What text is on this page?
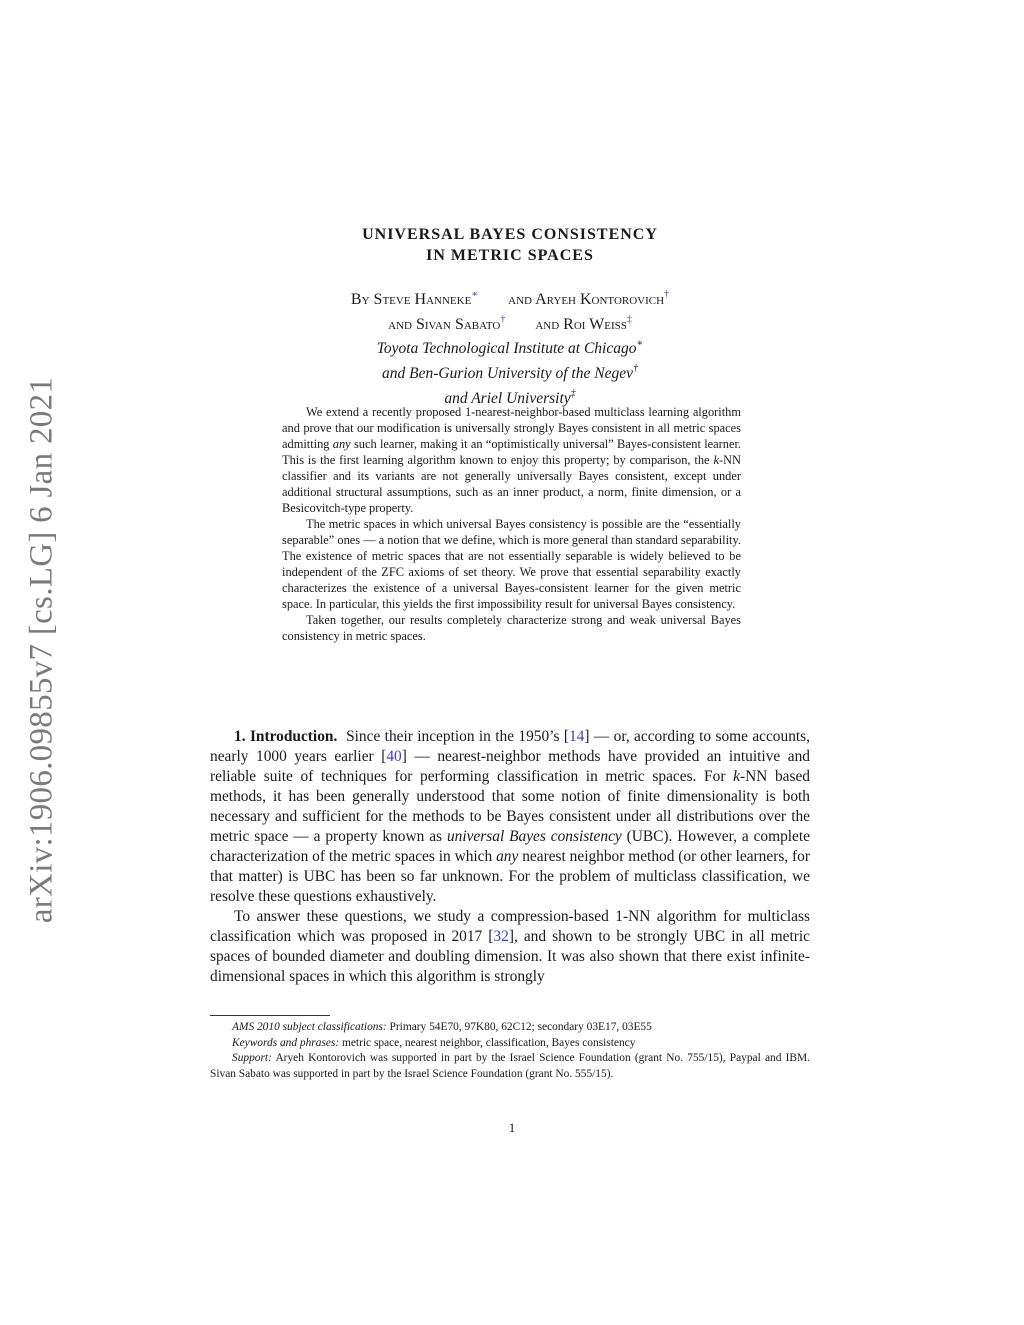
arXiv:1906.09855v7 [cs.LG] 6 Jan 2021
UNIVERSAL BAYES CONSISTENCY
IN METRIC SPACES
By Steve Hanneke∗ and Aryeh Kontorovich†
and Sivan Sabato† and Roi Weiss‡
Toyota Technological Institute at Chicago∗
and Ben-Gurion University of the Negev†
and Ariel University‡

We extend a recently proposed 1-nearest-neighbor-based multiclass learning algorithm and prove that our modification is universally strongly Bayes consistent in all metric spaces admitting any such learner, making it an “optimistically universal” Bayes-consistent learner. This is the first learning algorithm known to enjoy this property; by comparison, the k-NN classifier and its variants are not generally universally Bayes consistent, except under additional structural assumptions, such as an inner product, a norm, finite dimension, or a Besicovitch-type property.

The metric spaces in which universal Bayes consistency is possible are the “essentially separable” ones — a notion that we define, which is more general than standard separability. The existence of metric spaces that are not essentially separable is widely believed to be independent of the ZFC axioms of set theory. We prove that essential separability exactly characterizes the existence of a universal Bayes-consistent learner for the given metric space. In particular, this yields the first impossibility result for universal Bayes consistency.

Taken together, our results completely characterize strong and weak universal Bayes consistency in metric spaces.

1. Introduction. Since their inception in the 1950’s [14] — or, according to some accounts, nearly 1000 years earlier [40] — nearest-neighbor methods have provided an intuitive and reliable suite of techniques for performing classification in metric spaces. For k-NN based methods, it has been generally understood that some notion of finite dimensionality is both necessary and sufficient for the methods to be Bayes consistent under all distributions over the metric space — a property known as universal Bayes consistency (UBC). However, a complete characterization of the metric spaces in which any nearest neighbor method (or other learners, for that matter) is UBC has been so far unknown. For the problem of multiclass classification, we resolve these questions exhaustively.

To answer these questions, we study a compression-based 1-NN algorithm for multiclass classification which was proposed in 2017 [32], and shown to be strongly UBC in all metric spaces of bounded diameter and doubling dimension. It was also shown that there exist infinite-dimensional spaces in which this algorithm is strongly

AMS 2010 subject classifications: Primary 54E70, 97K80, 62C12; secondary 03E17, 03E55

Keywords and phrases: metric space, nearest neighbor, classification, Bayes consistency

Support: Aryeh Kontorovich was supported in part by the Israel Science Foundation (grant No. 755/15), Paypal and IBM. Sivan Sabato was supported in part by the Israel Science Foundation (grant No. 555/15).

1
